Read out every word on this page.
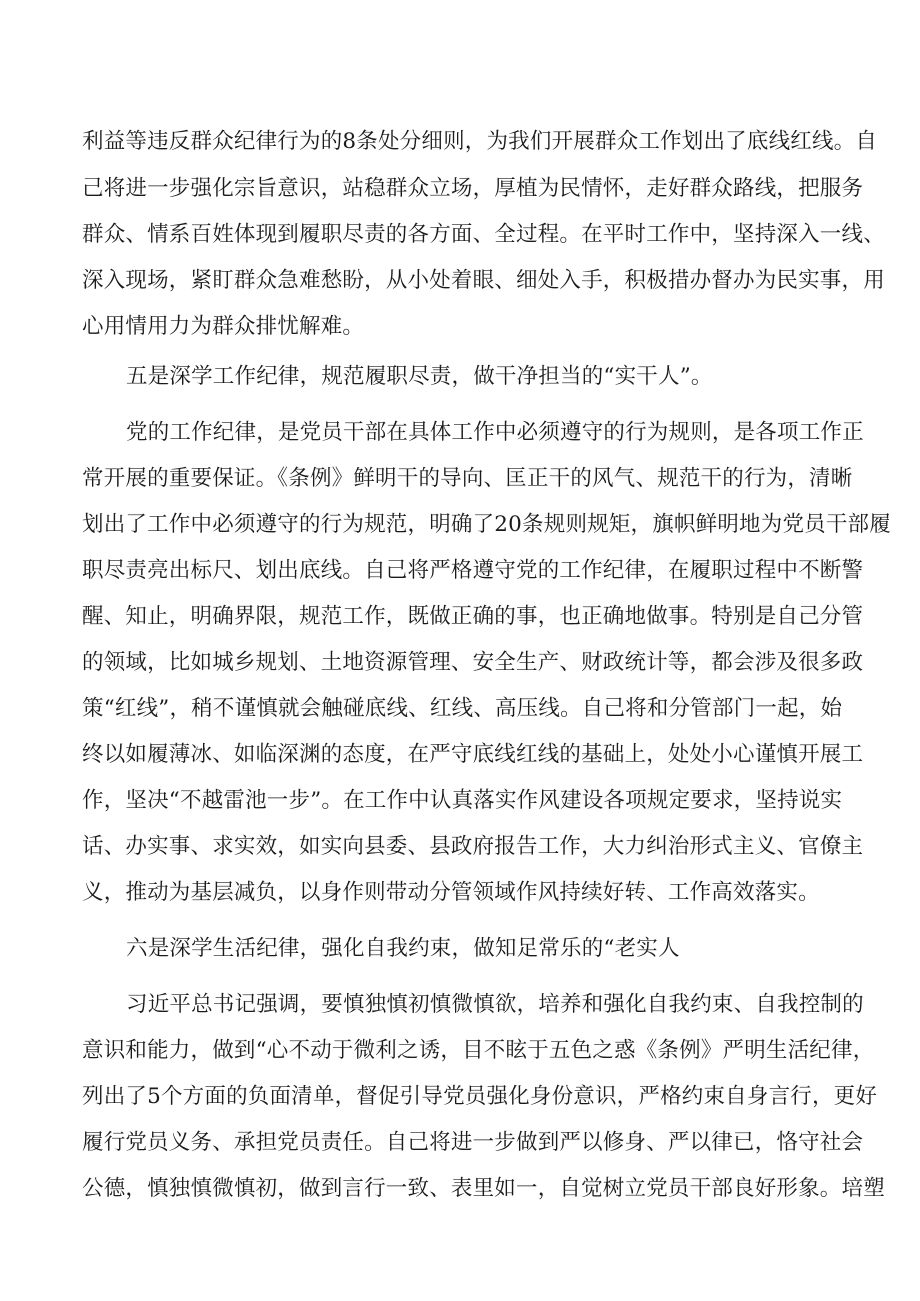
利益等违反群众纪律行为的8条处分细则，为我们开展群众工作划出了底线红线。自
己将进一步强化宗旨意识，站稳群众立场，厚植为民情怀，走好群众路线，把服务
群众、情系百姓体现到履职尽责的各方面、全过程。在平时工作中，坚持深入一线、
深入现场，紧盯群众急难愁盼，从小处着眼、细处入手，积极措办督办为民实事，用
心用情用力为群众排忧解难。
五是深学工作纪律，规范履职尽责，做干净担当的“实干人”。
党的工作纪律，是党员干部在具体工作中必须遵守的行为规则，是各项工作正
常开展的重要保证。《条例》鲜明干的导向、匡正干的风气、规范干的行为，清晰
划出了工作中必须遵守的行为规范，明确了20条规则规矩，旗帜鲜明地为党员干部履
职尽责亮出标尺、划出底线。自己将严格遵守党的工作纪律，在履职过程中不断警
醒、知止，明确界限，规范工作，既做正确的事，也正确地做事。特别是自己分管
的领域，比如城乡规划、土地资源管理、安全生产、财政统计等，都会涉及很多政
策“红线”，稍不谨慎就会触碰底线、红线、高压线。自己将和分管部门一起，始
终以如履薄冰、如临深渊的态度，在严守底线红线的基础上，处处小心谨慎开展工
作，坚决“不越雷池一步”。在工作中认真落实作风建设各项规定要求，坚持说实
话、办实事、求实效，如实向县委、县政府报告工作，大力纠治形式主义、官僚主
义，推动为基层减负，以身作则带动分管领域作风持续好转、工作高效落实。
六是深学生活纪律，强化自我约束，做知足常乐的“老实人
习近平总书记强调，要慎独慎初慎微慎欲，培养和强化自我约束、自我控制的
意识和能力，做到“心不动于微利之诱，目不眩于五色之惑《条例》严明生活纪律，
列出了5个方面的负面清单，督促引导党员强化身份意识，严格约束自身言行，更好
履行党员义务、承担党员责任。自己将进一步做到严以修身、严以律已，恪守社会
公德，慎独慎微慎初，做到言行一致、表里如一，自觉树立党员干部良好形象。培塑
